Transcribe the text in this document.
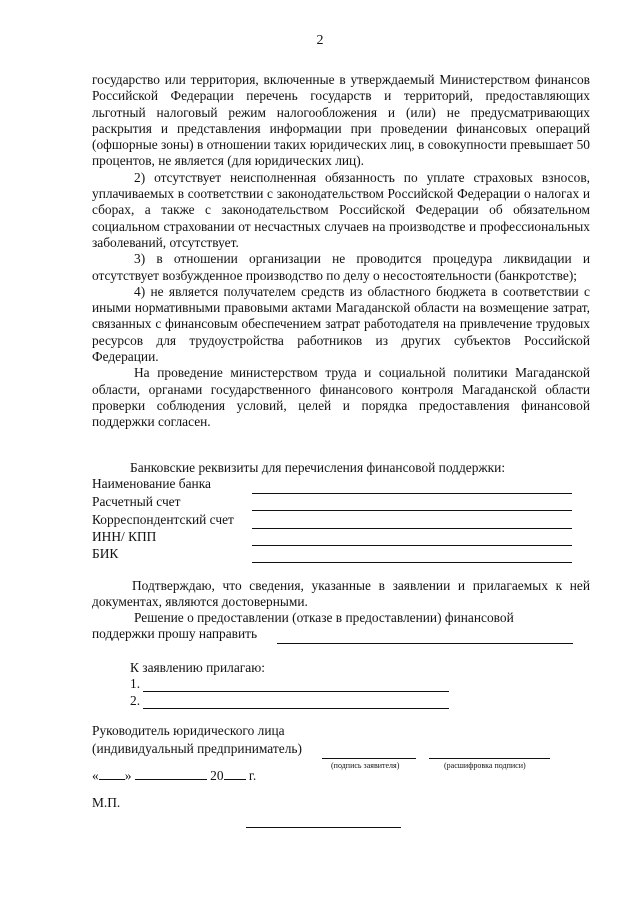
2

государство или территория, включенные в утверждаемый Министерством финансов Российской Федерации перечень государств и территорий, предоставляющих льготный налоговый режим налогообложения и (или) не предусматривающих раскрытия и представления информации при проведении финансовых операций (офшорные зоны) в отношении таких юридических лиц, в совокупности превышает 50 процентов, не является (для юридических лиц).

2) отсутствует неисполненная обязанность по уплате страховых взносов, уплачиваемых в соответствии с законодательством Российской Федерации о налогах и сборах, а также с законодательством Российской Федерации об обязательном социальном страховании от несчастных случаев на производстве и профессиональных заболеваний, отсутствует.

3) в отношении организации не проводится процедура ликвидации и отсутствует возбужденное производство по делу о несостоятельности (банкротстве);

4) не является получателем средств из областного бюджета в соответствии с иными нормативными правовыми актами Магаданской области на возмещение затрат, связанных с финансовым обеспечением затрат работодателя на привлечение трудовых ресурсов для трудоустройства работников из других субъектов Российской Федерации.

На проведение министерством труда и социальной политики Магаданской области, органами государственного финансового контроля Магаданской области проверки соблюдения условий, целей и порядка предоставления финансовой поддержки согласен.

Банковские реквизиты для перечисления финансовой поддержки:
Наименование банка
Расчетный счет
Корреспондентский счет
ИНН/ КПП
БИК
Подтверждаю, что сведения, указанные в заявлении и прилагаемых к ней документах, являются достоверными.
Решение о предоставлении (отказе в предоставлении) финансовой
поддержки прошу направить
К заявлению прилагаю:
1.
2.
Руководитель юридического лица
(индивидуальный предприниматель)
(подпись заявителя)	(расшифровка подписи)
« »	20 г.
М.П.
